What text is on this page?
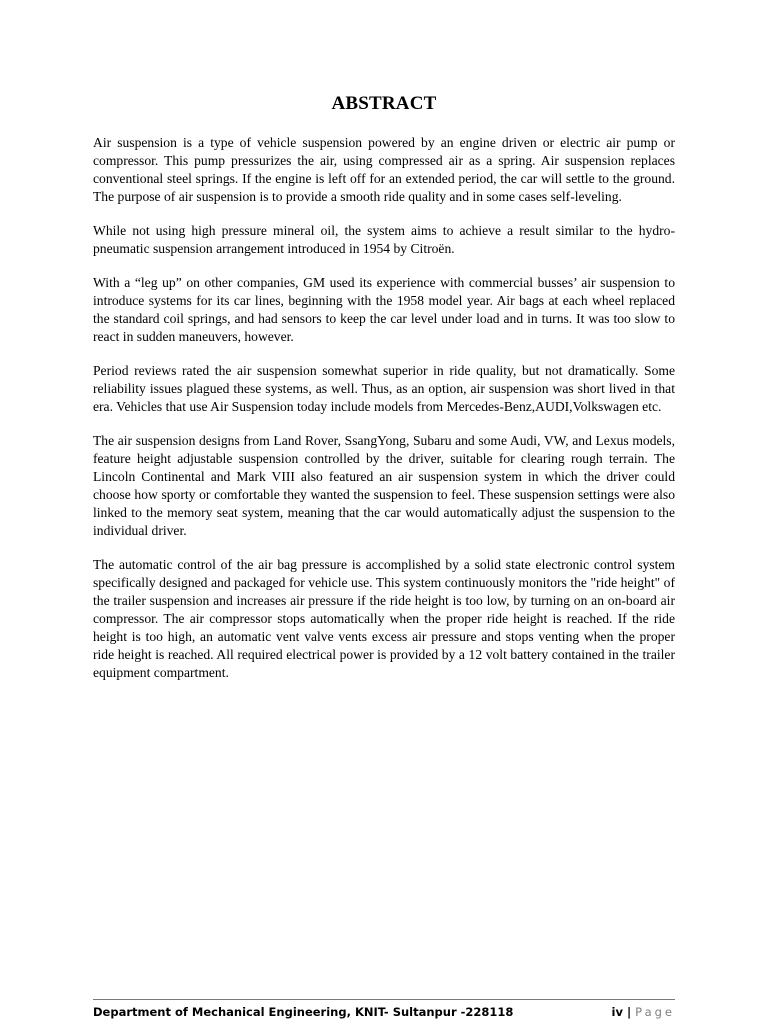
ABSTRACT

Air suspension is a type of vehicle suspension powered by an engine driven or electric air pump or compressor. This pump pressurizes the air, using compressed air as a spring. Air suspension replaces conventional steel springs. If the engine is left off for an extended period, the car will settle to the ground. The purpose of air suspension is to provide a smooth ride quality and in some cases self-leveling.

While not using high pressure mineral oil, the system aims to achieve a result similar to the hydro-pneumatic suspension arrangement introduced in 1954 by Citroën.

With a “leg up” on other companies, GM used its experience with commercial busses’ air suspension to introduce systems for its car lines, beginning with the 1958 model year. Air bags at each wheel replaced the standard coil springs, and had sensors to keep the car level under load and in turns. It was too slow to react in sudden maneuvers, however.

Period reviews rated the air suspension somewhat superior in ride quality, but not dramatically. Some reliability issues plagued these systems, as well. Thus, as an option, air suspension was short lived in that era. Vehicles that use Air Suspension today include models from Mercedes-Benz,AUDI,Volkswagen etc.

The air suspension designs from Land Rover, SsangYong, Subaru and some Audi, VW, and Lexus models, feature height adjustable suspension controlled by the driver, suitable for clearing rough terrain. The Lincoln Continental and Mark VIII also featured an air suspension system in which the driver could choose how sporty or comfortable they wanted the suspension to feel. These suspension settings were also linked to the memory seat system, meaning that the car would automatically adjust the suspension to the individual driver.

The automatic control of the air bag pressure is accomplished by a solid state electronic control system specifically designed and packaged for vehicle use. This system continuously monitors the "ride height" of the trailer suspension and increases air pressure if the ride height is too low, by turning on an on-board air compressor. The air compressor stops automatically when the proper ride height is reached. If the ride height is too high, an automatic vent valve vents excess air pressure and stops venting when the proper ride height is reached. All required electrical power is provided by a 12 volt battery contained in the trailer equipment compartment.

Department of Mechanical Engineering, KNIT- Sultanpur -228118	iv | Page
